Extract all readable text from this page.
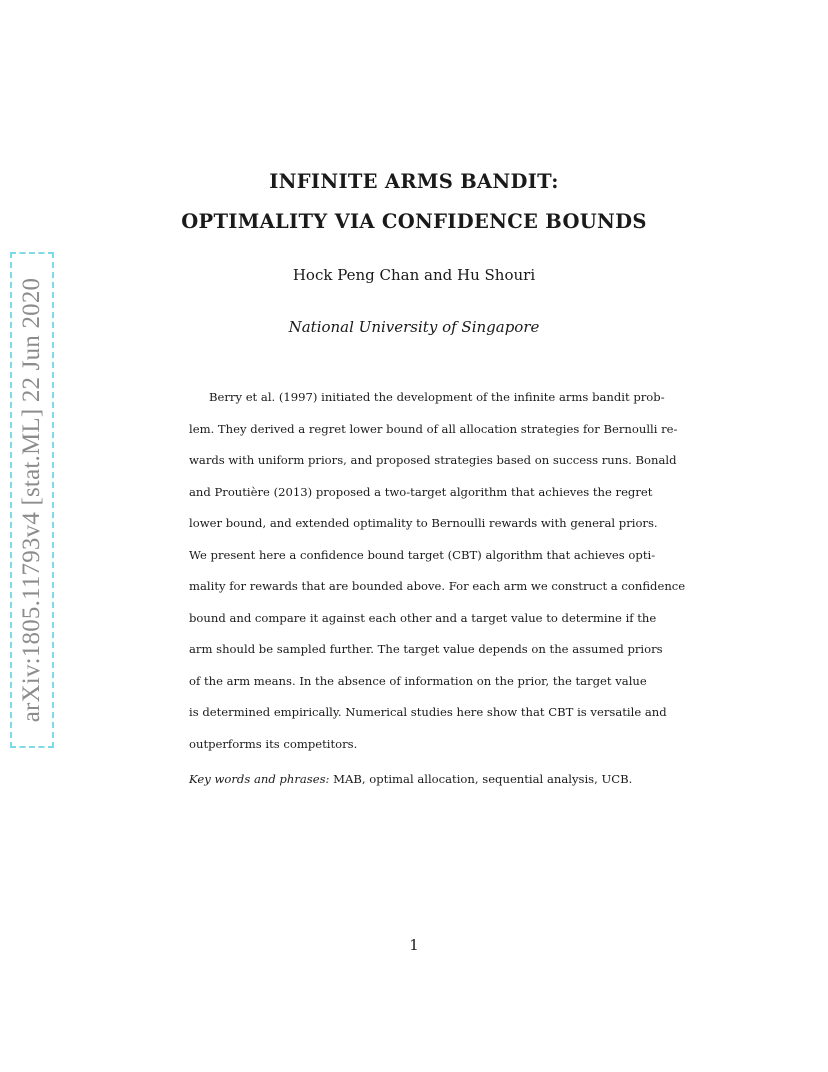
arXiv:1805.11793v4 [stat.ML] 22 Jun 2020
INFINITE ARMS BANDIT:
OPTIMALITY VIA CONFIDENCE BOUNDS
Hock Peng Chan and Hu Shouri
National University of Singapore
Berry et al. (1997) initiated the development of the infinite arms bandit prob-
lem. They derived a regret lower bound of all allocation strategies for Bernoulli re-
wards with uniform priors, and proposed strategies based on success runs. Bonald
and Proutière (2013) proposed a two-target algorithm that achieves the regret
lower bound, and extended optimality to Bernoulli rewards with general priors.
We present here a confidence bound target (CBT) algorithm that achieves opti-
mality for rewards that are bounded above. For each arm we construct a confidence
bound and compare it against each other and a target value to determine if the
arm should be sampled further. The target value depends on the assumed priors
of the arm means. In the absence of information on the prior, the target value
is determined empirically. Numerical studies here show that CBT is versatile and
outperforms its competitors.
Key words and phrases: MAB, optimal allocation, sequential analysis, UCB.
1
